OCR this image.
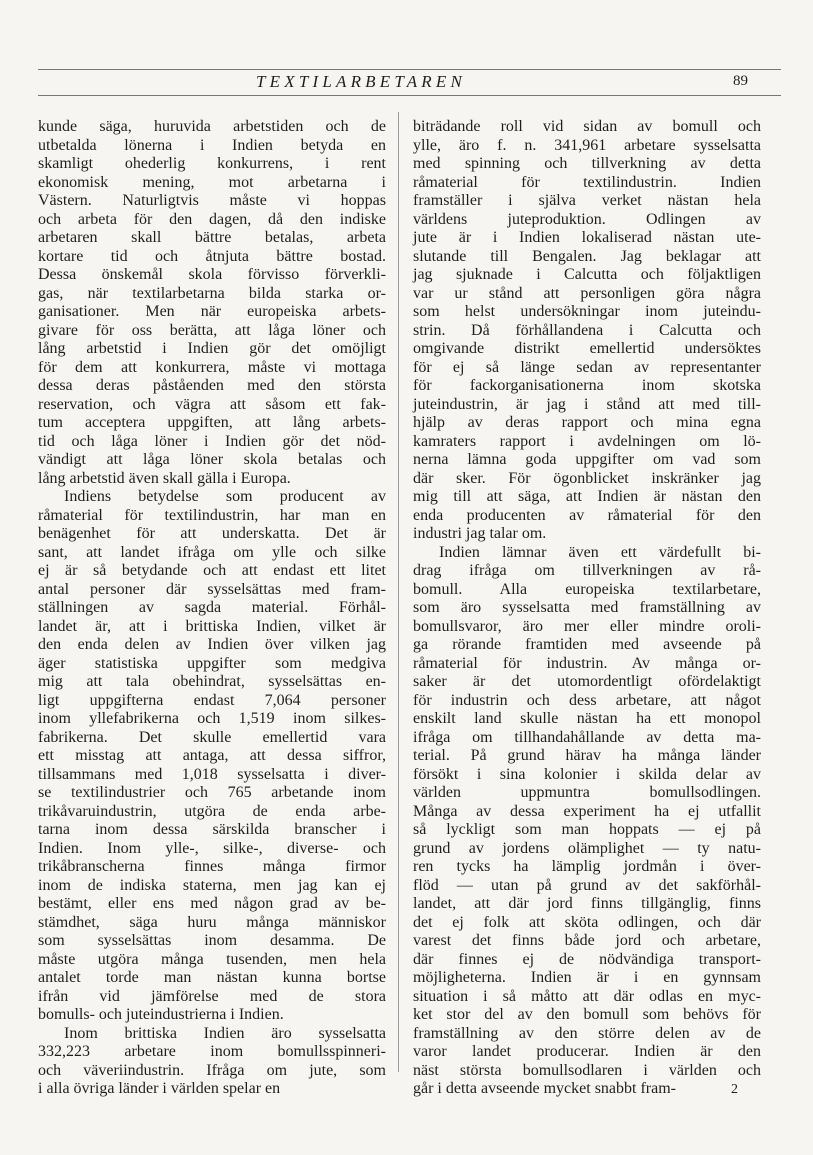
TEXTILARBETAREN	89
kunde säga, huruvida arbetstiden och de
utbetalda lönerna i Indien betyda en
skamligt ohederlig konkurrens, i rent
ekonomisk mening, mot arbetarna i
Västern. Naturligtvis måste vi hoppas
och arbeta för den dagen, då den indiske
arbetaren skall bättre betalas, arbeta
kortare tid och åtnjuta bättre bostad.
Dessa önskemål skola förvisso förverkli-
gas, när textilarbetarna bilda starka or-
ganisationer. Men när europeiska arbets-
givare för oss berätta, att låga löner och
lång arbetstid i Indien gör det omöjligt
för dem att konkurrera, måste vi mottaga
dessa deras påståenden med den största
reservation, och vägra att såsom ett fak-
tum acceptera uppgiften, att lång arbets-
tid och låga löner i Indien gör det nöd-
vändigt att låga löner skola betalas och
lång arbetstid även skall gälla i Europa.
Indiens betydelse som producent av
råmaterial för textilindustrin, har man en
benägenhet för att underskatta. Det är
sant, att landet ifråga om ylle och silke
ej är så betydande och att endast ett litet
antal personer där sysselsättas med fram-
ställningen av sagda material. Förhål-
landet är, att i brittiska Indien, vilket är
den enda delen av Indien över vilken jag
äger statistiska uppgifter som medgiva
mig att tala obehindrat, sysselsättas en-
ligt uppgifterna endast 7,064 personer
inom yllefabrikerna och 1,519 inom silkes-
fabrikerna. Det skulle emellertid vara
ett misstag att antaga, att dessa siffror,
tillsammans med 1,018 sysselsatta i diver-
se textilindustrier och 765 arbetande inom
trikåvaruindustrin, utgöra de enda arbe-
tarna inom dessa särskilda branscher i
Indien. Inom ylle-, silke-, diverse- och
trikåbranscherna finnes många firmor
inom de indiska staterna, men jag kan ej
bestämt, eller ens med någon grad av be-
stämdhet, säga huru många människor
som sysselsättas inom desamma. De
måste utgöra många tusenden, men hela
antalet torde man nästan kunna bortse
ifrån vid jämförelse med de stora
bomulls- och juteindustrierna i Indien.
Inom brittiska Indien äro sysselsatta
332,223 arbetare inom bomullsspinneri-
och väveriindustrin. Ifråga om jute, som
i alla övriga länder i världen spelar en
biträdande roll vid sidan av bomull och
ylle, äro f. n. 341,961 arbetare sysselsatta
med spinning och tillverkning av detta
råmaterial för textilindustrin. Indien
framställer i själva verket nästan hela
världens juteproduktion. Odlingen av
jute är i Indien lokaliserad nästan ute-
slutande till Bengalen. Jag beklagar att
jag sjuknade i Calcutta och följaktligen
var ur stånd att personligen göra några
som helst undersökningar inom juteindu-
strin. Då förhållandena i Calcutta och
omgivande distrikt emellertid undersöktes
för ej så länge sedan av representanter
för fackorganisationerna inom skotska
juteindustrin, är jag i stånd att med till-
hjälp av deras rapport och mina egna
kamraters rapport i avdelningen om lö-
nerna lämna goda uppgifter om vad som
där sker. För ögonblicket inskränker jag
mig till att säga, att Indien är nästan den
enda producenten av råmaterial för den
industri jag talar om.
Indien lämnar även ett värdefullt bi-
drag ifråga om tillverkningen av rå-
bomull. Alla europeiska textilarbetare,
som äro sysselsatta med framställning av
bomullsvaror, äro mer eller mindre oroli-
ga rörande framtiden med avseende på
råmaterial för industrin. Av många or-
saker är det utomordentligt ofördelaktigt
för industrin och dess arbetare, att något
enskilt land skulle nästan ha ett monopol
ifråga om tillhandahållande av detta ma-
terial. På grund härav ha många länder
försökt i sina kolonier i skilda delar av
världen uppmuntra bomullsodlingen.
Många av dessa experiment ha ej utfallit
så lyckligt som man hoppats — ej på
grund av jordens olämplighet — ty natu-
ren tycks ha lämplig jordmån i över-
flöd — utan på grund av det sakförhål-
landet, att där jord finns tillgänglig, finns
det ej folk att sköta odlingen, och där
varest det finns både jord och arbetare,
där finnes ej de nödvändiga transport-
möjligheterna. Indien är i en gynnsam
situation i så måtto att där odlas en myc-
ket stor del av den bomull som behövs för
framställning av den större delen av de
varor landet producerar. Indien är den
näst största bomullsodlaren i världen och
går i detta avseende mycket snabbt fram-	2
